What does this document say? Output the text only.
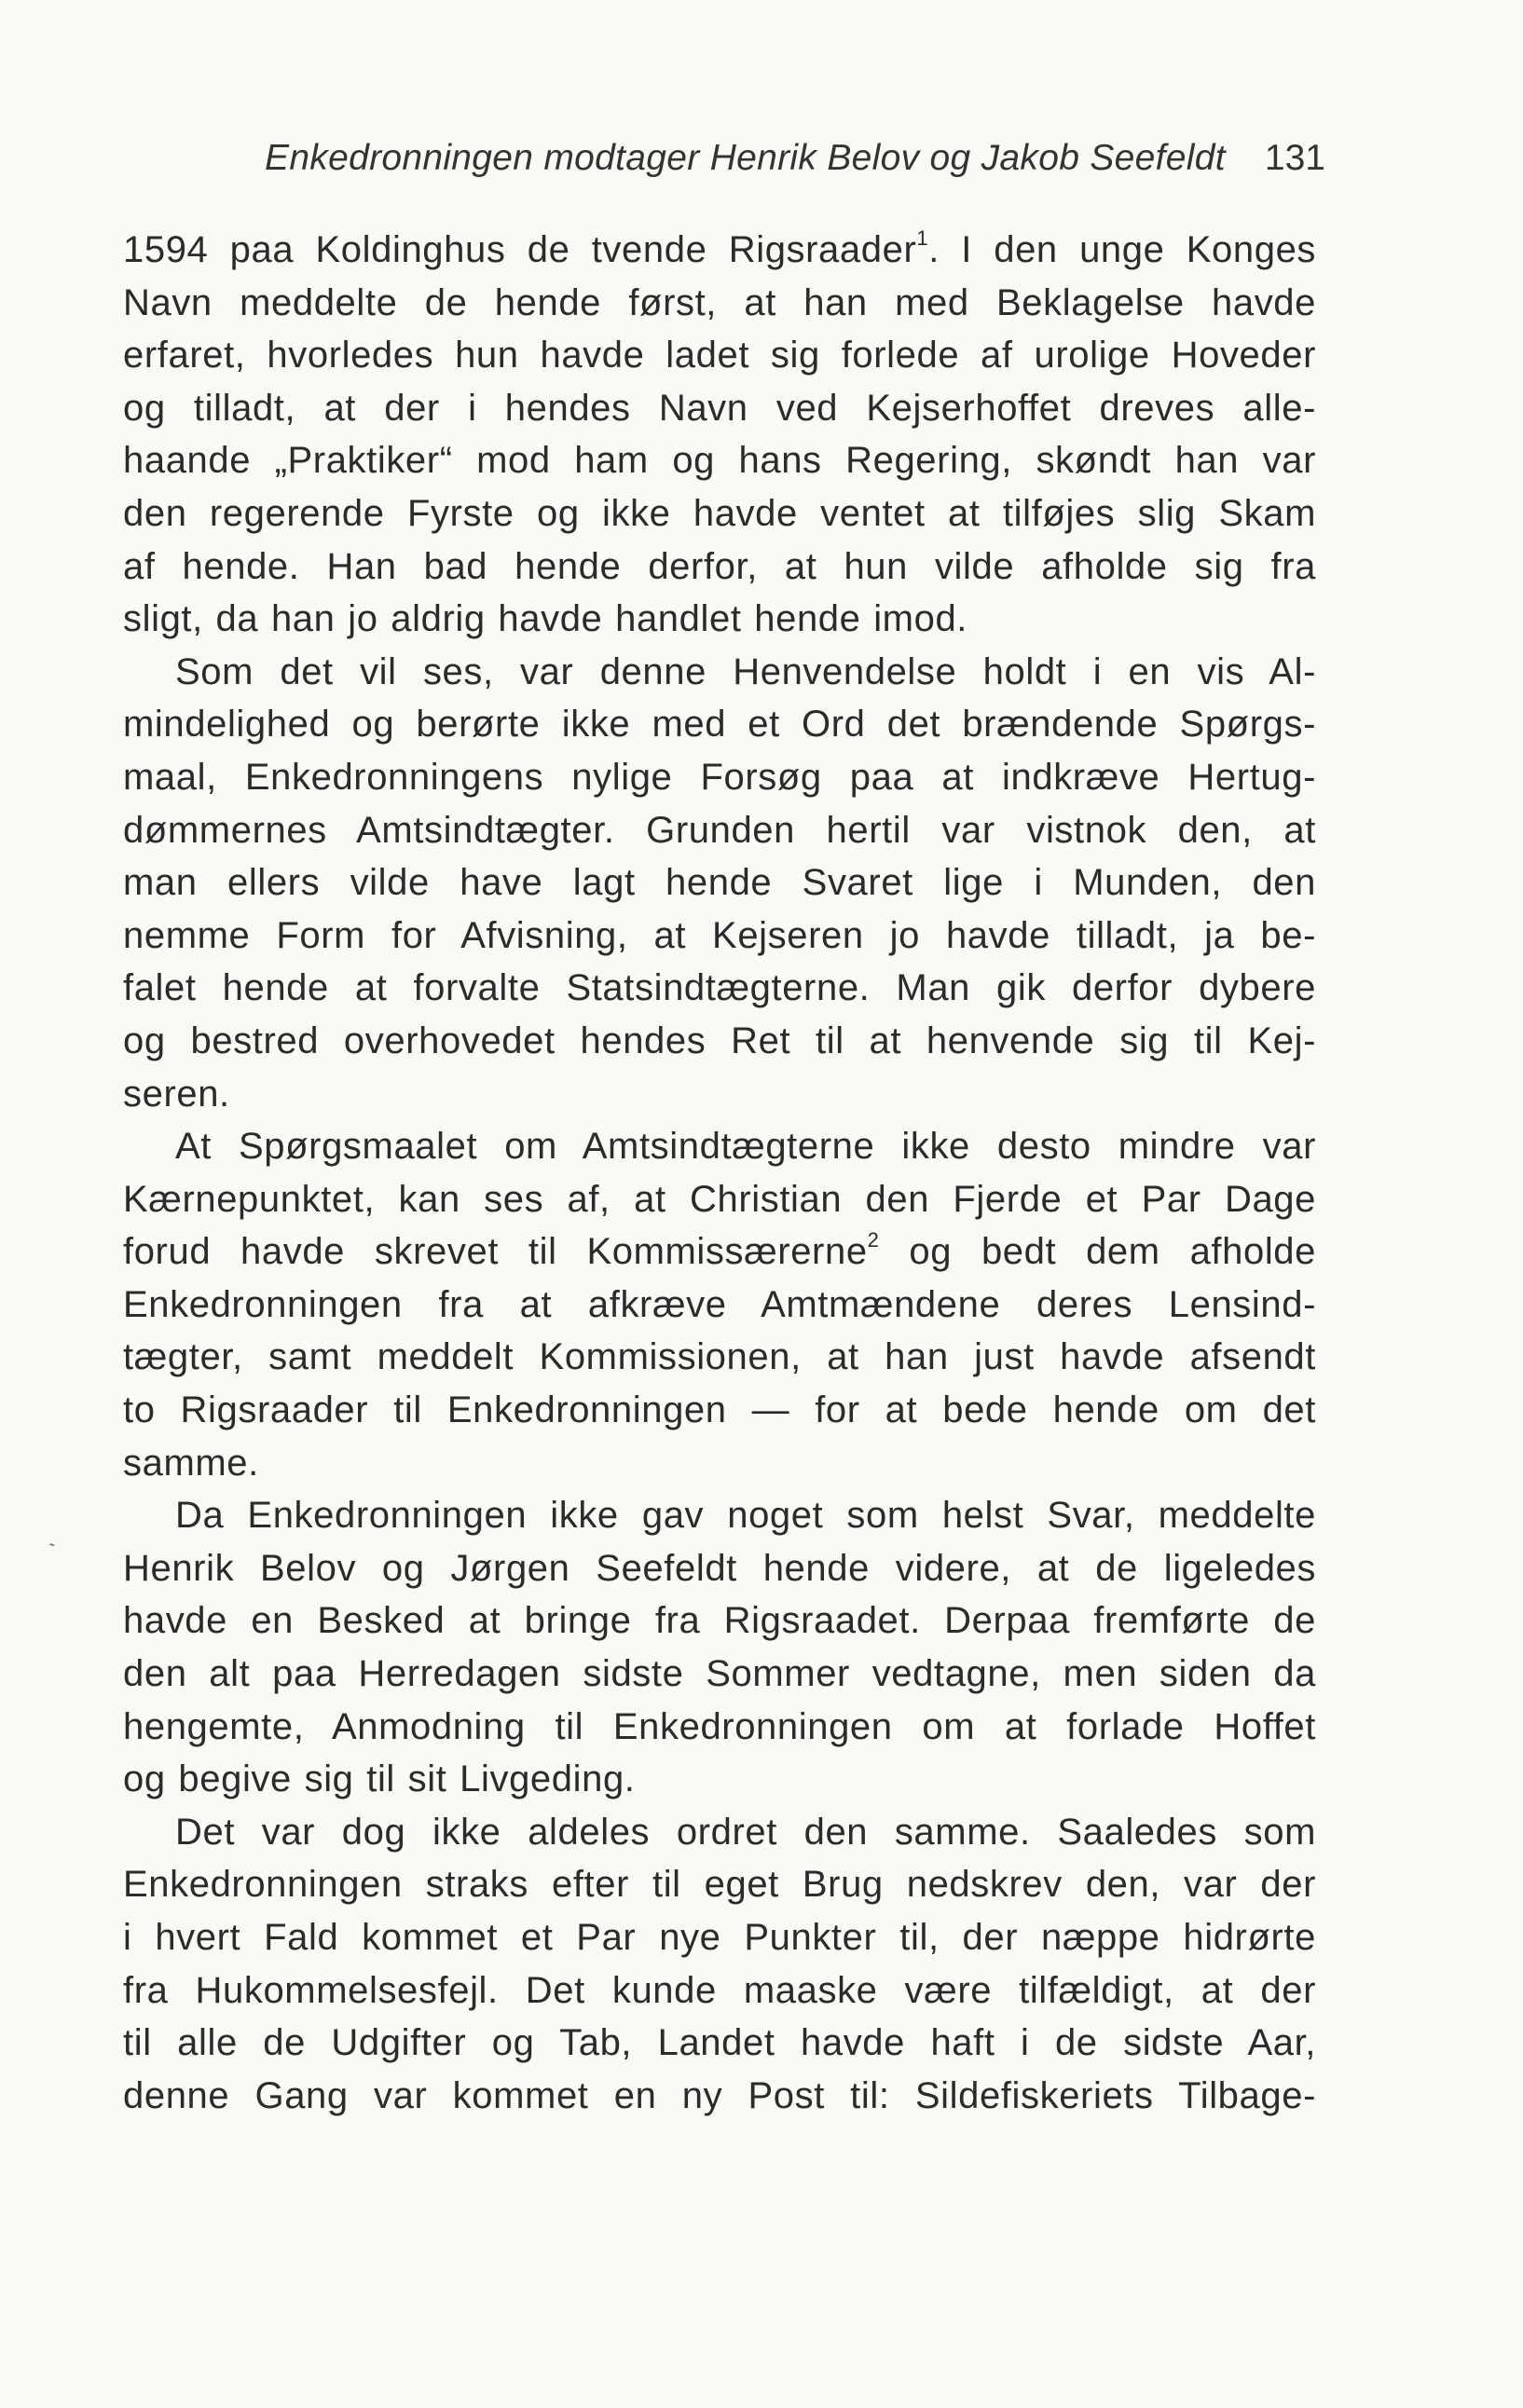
Enkedronningen modtager Henrik Belov og Jakob Seefeldt 131
ˋ
1594 paa Koldinghus de tvende Rigsraader$^1$. I den unge Konges
Navn meddelte de hende først, at han med Beklagelse havde
erfaret, hvorledes hun havde ladet sig forlede af urolige Hoveder
og tilladt, at der i hendes Navn ved Kejserhoffet dreves alle-
haande „Praktiker“ mod ham og hans Regering, skøndt han var
den regerende Fyrste og ikke havde ventet at tilføjes slig Skam
af hende. Han bad hende derfor, at hun vilde afholde sig fra
sligt, da han jo aldrig havde handlet hende imod.
Som det vil ses, var denne Henvendelse holdt i en vis Al-
mindelighed og berørte ikke med et Ord det brændende Spørgs-
maal, Enkedronningens nylige Forsøg paa at indkræve Hertug-
dømmernes Amtsindtægter. Grunden hertil var vistnok den, at
man ellers vilde have lagt hende Svaret lige i Munden, den
nemme Form for Afvisning, at Kejseren jo havde tilladt, ja be-
falet hende at forvalte Statsindtægterne. Man gik derfor dybere
og bestred overhovedet hendes Ret til at henvende sig til Kej-
seren.
At Spørgsmaalet om Amtsindtægterne ikke desto mindre var
Kærnepunktet, kan ses af, at Christian den Fjerde et Par Dage
forud havde skrevet til Kommissærerne$^2$ og bedt dem afholde
Enkedronningen fra at afkræve Amtmændene deres Lensind-
tægter, samt meddelt Kommissionen, at han just havde afsendt
to Rigsraader til Enkedronningen — for at bede hende om det
samme.
Da Enkedronningen ikke gav noget som helst Svar, meddelte
Henrik Belov og Jørgen Seefeldt hende videre, at de ligeledes
havde en Besked at bringe fra Rigsraadet. Derpaa fremførte de
den alt paa Herredagen sidste Sommer vedtagne, men siden da
hengemte, Anmodning til Enkedronningen om at forlade Hoffet
og begive sig til sit Livgeding.
Det var dog ikke aldeles ordret den samme. Saaledes som
Enkedronningen straks efter til eget Brug nedskrev den, var der
i hvert Fald kommet et Par nye Punkter til, der næppe hidrørte
fra Hukommelsesfejl. Det kunde maaske være tilfældigt, at der
til alle de Udgifter og Tab, Landet havde haft i de sidste Aar,
denne Gang var kommet en ny Post til: Sildefiskeriets Tilbage-
